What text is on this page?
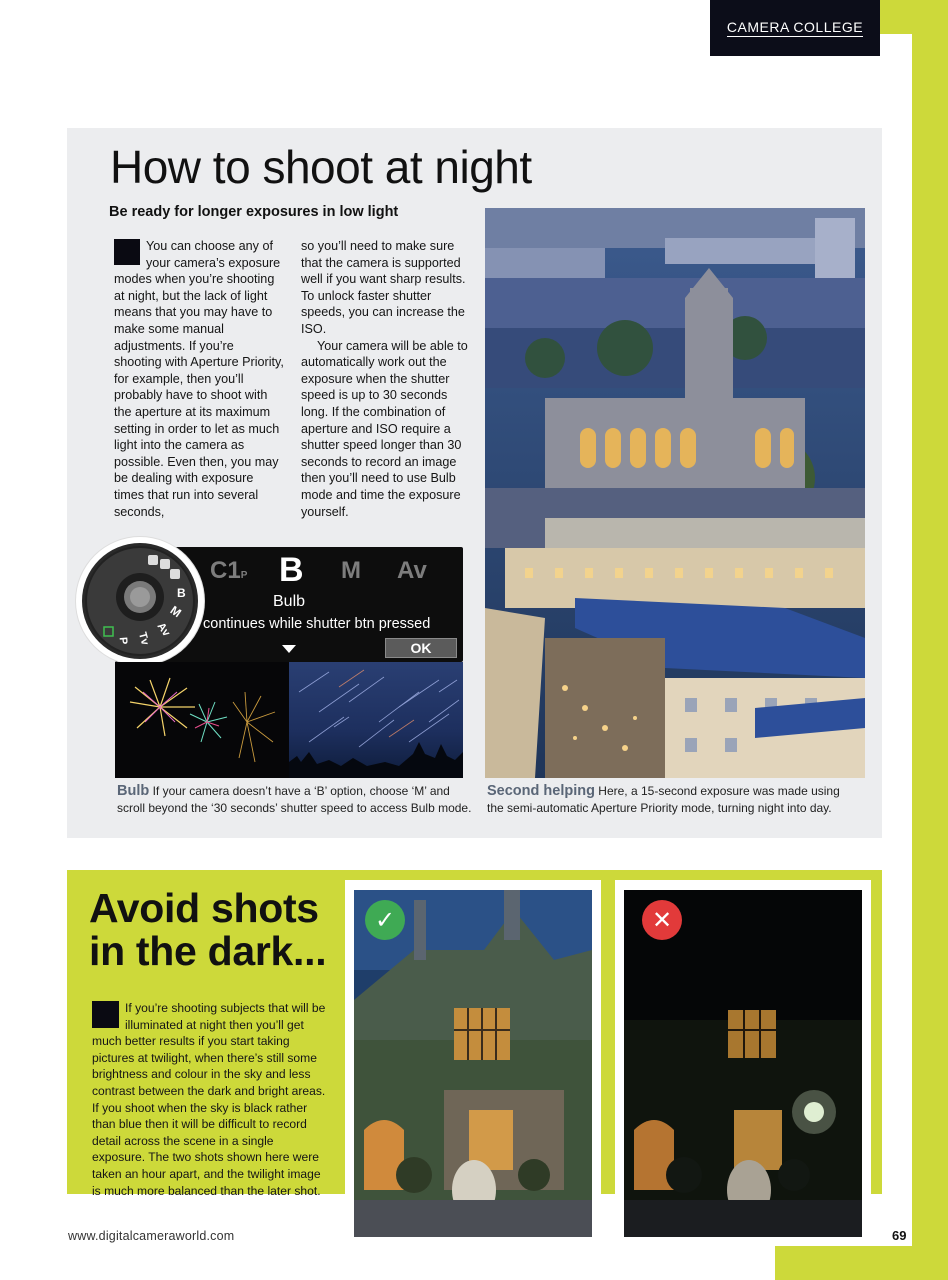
CAMERA COLLEGE
How to shoot at night
Be ready for longer exposures in low light

You can choose any of your camera’s exposure modes when you’re shooting at night, but the lack of light means that you may have to make some manual adjustments. If you’re shooting with Aperture Priority, for example, then you’ll probably have to shoot with the aperture at its maximum setting in order to let as much light into the camera as possible. Even then, you may be dealing with exposure times that run into several seconds,

so you’ll need to make sure that the camera is supported well if you want sharp results. To unlock faster shutter speeds, you can increase the ISO.

Your camera will be able to automatically work out the exposure when the shutter speed is up to 30 seconds long. If the combination of aperture and ISO require a shutter speed longer than 30 seconds to record an image then you’ll need to use Bulb mode and time the exposure yourself.

C1P B M Av
Bulb
continues while shutter btn pressed
OK
B
M
Av
Tv
P

Bulb If your camera doesn’t have a ‘B’ option, choose ‘M’ and scroll beyond the ‘30 seconds’ shutter speed to access Bulb mode.

Second helping Here, a 15-second exposure was made using the semi-automatic Aperture Priority mode, turning night into day.

Avoid shots
in the dark...

If you’re shooting subjects that will be illuminated at night then you’ll get much better results if you start taking pictures at twilight, when there’s still some brightness and colour in the sky and less contrast between the dark and bright areas. If you shoot when the sky is black rather than blue then it will be difficult to record detail across the scene in a single exposure. The two shots shown here were taken an hour apart, and the twilight image is much more balanced than the later shot.

✓	✕
www.digitalcameraworld.com	69
